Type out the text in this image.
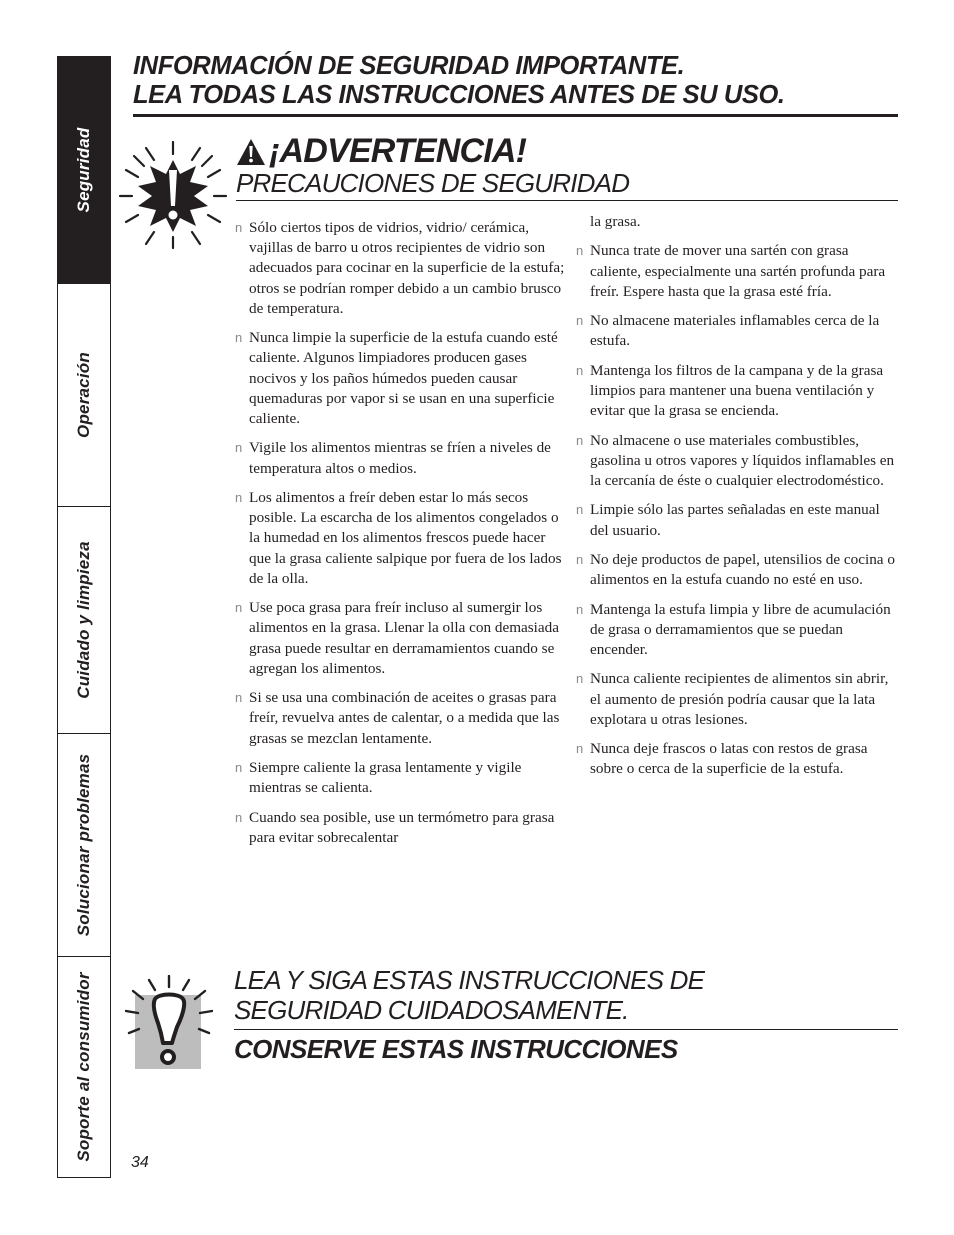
Seguridad
Operación
Cuidado y limpieza
Solucionar problemas
Soporte al consumidor
INFORMACIÓN DE SEGURIDAD IMPORTANTE.
LEA TODAS LAS INSTRUCCIONES ANTES DE SU USO.
¡ADVERTENCIA!
PRECAUCIONES DE SEGURIDAD
n Sólo ciertos tipos de vidrios, vidrio/ cerámica, vajillas de barro u otros recipientes de vidrio son adecuados para cocinar en la superficie de la estufa; otros se podrían romper debido a un cambio brusco de temperatura.
n Nunca limpie la superficie de la estufa cuando esté caliente. Algunos limpiadores producen gases nocivos y los paños húmedos pueden causar quemaduras por vapor si se usan en una superficie caliente.
n Vigile los alimentos mientras se fríen a niveles de temperatura altos o medios.
n Los alimentos a freír deben estar lo más secos posible. La escarcha de los alimentos congelados o la humedad en los alimentos frescos puede hacer que la grasa caliente salpique por fuera de los lados de la olla.
n Use poca grasa para freír incluso al sumergir los alimentos en la grasa. Llenar la olla con demasiada grasa puede resultar en derramamientos cuando se agregan los alimentos.
n Si se usa una combinación de aceites o grasas para freír, revuelva antes de calentar, o a medida que las grasas se mezclan lentamente.
n Siempre caliente la grasa lentamente y vigile mientras se calienta.
n Cuando sea posible, use un termómetro para grasa para evitar sobrecalentar
la grasa.
n Nunca trate de mover una sartén con grasa caliente, especialmente una sartén profunda para freír. Espere hasta que la grasa esté fría.
n No almacene materiales inflamables cerca de la estufa.
n Mantenga los filtros de la campana y de la grasa limpios para mantener una buena ventilación y evitar que la grasa se encienda.
n No almacene o use materiales combustibles, gasolina u otros vapores y líquidos inflamables en la cercanía de éste o cualquier electrodoméstico.
n Limpie sólo las partes señaladas en este manual del usuario.
n No deje productos de papel, utensilios de cocina o alimentos en la estufa cuando no esté en uso.
n Mantenga la estufa limpia y libre de acumulación de grasa o derramamientos que se puedan encender.
n Nunca caliente recipientes de alimentos sin abrir, el aumento de presión podría causar que la lata explotara u otras lesiones.
n Nunca deje frascos o latas con restos de grasa sobre o cerca de la superficie de la estufa.
LEA Y SIGA ESTAS INSTRUCCIONES DE
SEGURIDAD CUIDADOSAMENTE.
CONSERVE ESTAS INSTRUCCIONES
34
